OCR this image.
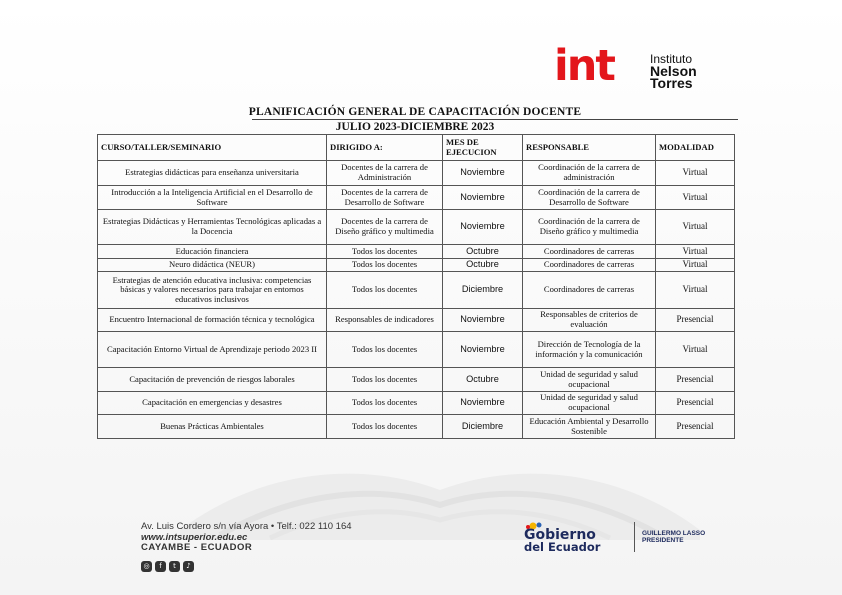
int	Instituto
Nelson
Torres
PLANIFICACIÓN GENERAL DE CAPACITACIÓN DOCENTE
JULIO 2023-DICIEMBRE 2023
CURSO/TALLER/SEMINARIO	DIRIGIDO A:	MES DE EJECUCION	RESPONSABLE	MODALIDAD
Estrategias didácticas para enseñanza universitaria	Docentes de la carrera de Administración	Noviembre	Coordinación de la carrera de administración	Virtual
Introducción a la Inteligencia Artificial en el Desarrollo de Software	Docentes de la carrera de Desarrollo de Software	Noviembre	Coordinación de la carrera de Desarrollo de Software	Virtual
Estrategias Didácticas y Herramientas Tecnológicas aplicadas a la Docencia	Docentes de la carrera de Diseño gráfico y multimedia	Noviembre	Coordinación de la carrera de Diseño gráfico y multimedia	Virtual
Educación financiera	Todos los docentes	Octubre	Coordinadores de carreras	Virtual
Neuro didáctica (NEUR)	Todos los docentes	Octubre	Coordinadores de carreras	Virtual
Estrategias de atención educativa inclusiva: competencias básicas y valores necesarios para trabajar en entornos educativos inclusivos	Todos los docentes	Diciembre	Coordinadores de carreras	Virtual
Encuentro Internacional de formación técnica y tecnológica	Responsables de indicadores	Noviembre	Responsables de criterios de evaluación	Presencial
Capacitación Entorno Virtual de Aprendizaje periodo 2023 II	Todos los docentes	Noviembre	Dirección de Tecnología de la información y la comunicación	Virtual
Capacitación de prevención de riesgos laborales	Todos los docentes	Octubre	Unidad de seguridad y salud ocupacional	Presencial
Capacitación en emergencias y desastres	Todos los docentes	Noviembre	Unidad de seguridad y salud ocupacional	Presencial
Buenas Prácticas Ambientales	Todos los docentes	Diciembre	Educación Ambiental y Desarrollo Sostenible	Presencial
Av. Luis Cordero s/n vía Ayora • Telf.: 022 110 164
www.intsuperior.edu.ec
CAYAMBE - ECUADOR
◎ f t ♪
Gobierno
del Ecuador
GUILLERMO LASSO
PRESIDENTE
